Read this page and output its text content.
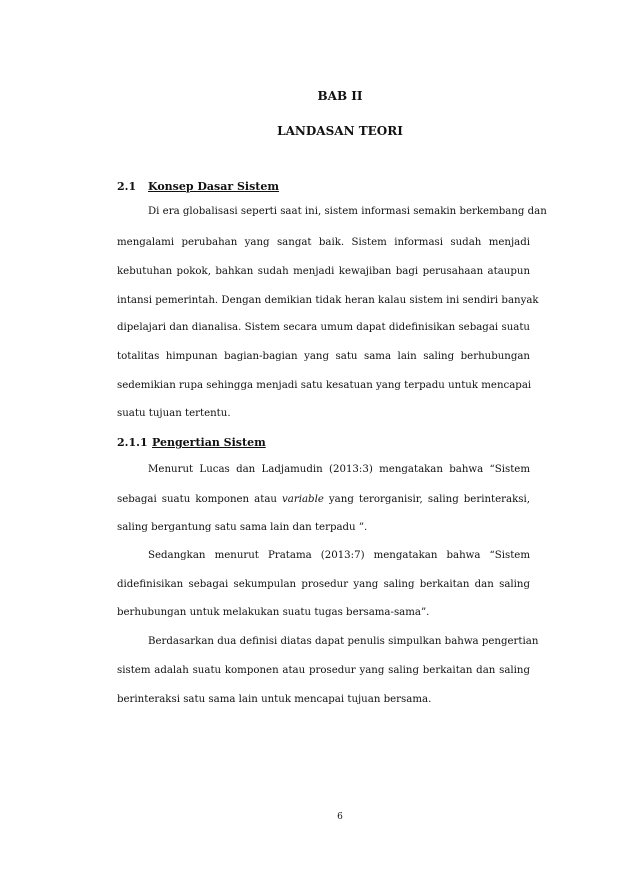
BAB II
LANDASAN TEORI
2.1 Konsep Dasar Sistem
Di era globalisasi seperti saat ini, sistem informasi semakin berkembang dan
mengalami perubahan yang sangat baik. Sistem informasi sudah menjadi
kebutuhan pokok, bahkan sudah menjadi kewajiban bagi perusahaan ataupun
intansi pemerintah. Dengan demikian tidak heran kalau sistem ini sendiri banyak
dipelajari dan dianalisa. Sistem secara umum dapat didefinisikan sebagai suatu
totalitas himpunan bagian-bagian yang satu sama lain saling berhubungan
sedemikian rupa sehingga menjadi satu kesatuan yang terpadu untuk mencapai
suatu tujuan tertentu.
2.1.1 Pengertian Sistem
Menurut Lucas dan Ladjamudin (2013:3) mengatakan bahwa “Sistem
sebagai suatu komponen atau variable yang terorganisir, saling berinteraksi,
saling bergantung satu sama lain dan terpadu ”.
Sedangkan menurut Pratama (2013:7) mengatakan bahwa “Sistem
didefinisikan sebagai sekumpulan prosedur yang saling berkaitan dan saling
berhubungan untuk melakukan suatu tugas bersama-sama”.
Berdasarkan dua definisi diatas dapat penulis simpulkan bahwa pengertian
sistem adalah suatu komponen atau prosedur yang saling berkaitan dan saling
berinteraksi satu sama lain untuk mencapai tujuan bersama.
6
